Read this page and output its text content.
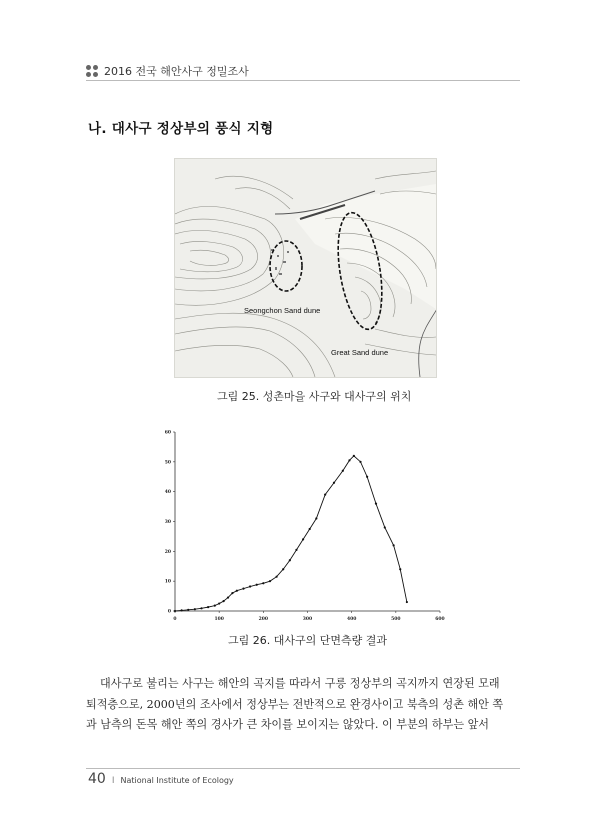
2016 전국 해안사구 정밀조사
나. 대사구 정상부의 풍식 지형
Seongchon Sand dune
Great Sand dune
그림 25. 성촌마을 사구와 대사구의 위치
0	100	200	300	400	500	600
0
10
20
30
40
50
60
그림 26. 대사구의 단면측량 결과

대사구로 불리는 사구는 해안의 곡지를 따라서 구릉 정상부의 곡지까지 연장된 모래

퇴적층으로, 2000년의 조사에서 정상부는 전반적으로 완경사이고 북측의 성촌 해안 쪽
과 남측의 돈목 해안 쪽의 경사가 큰 차이를 보이지는 않았다. 이 부분의 하부는 앞서
40 I National Institute of Ecology
